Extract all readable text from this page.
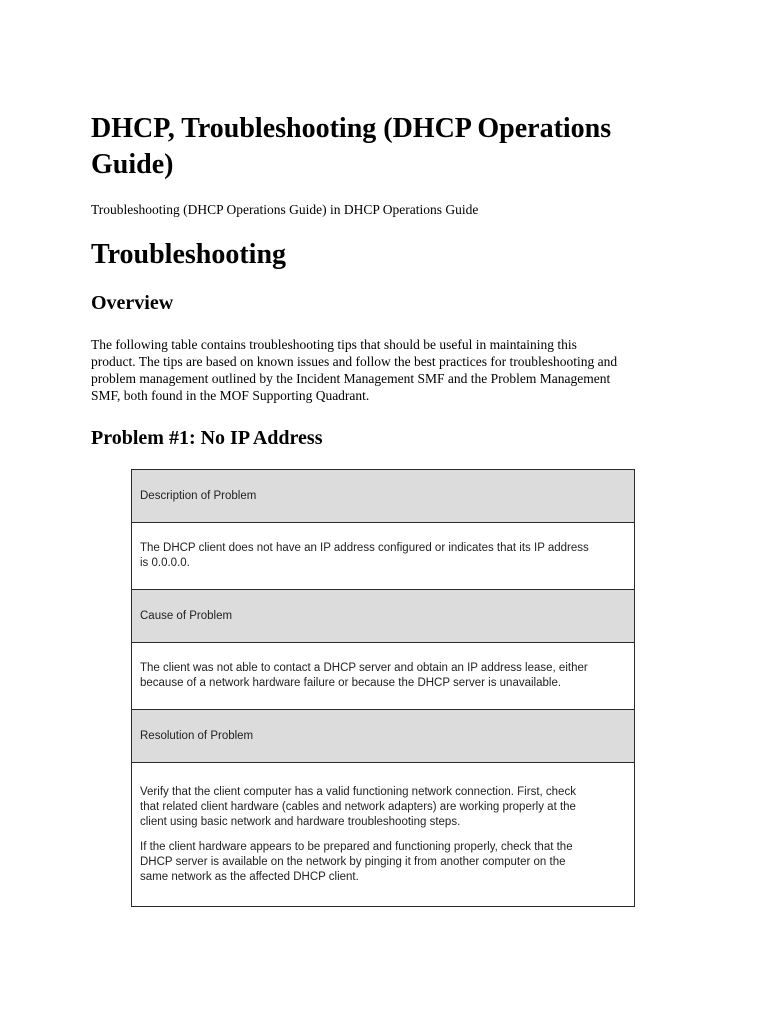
DHCP, Troubleshooting (DHCP Operations Guide)

Troubleshooting (DHCP Operations Guide) in DHCP Operations Guide

Troubleshooting
Overview

The following table contains troubleshooting tips that should be useful in maintaining this
product. The tips are based on known issues and follow the best practices for troubleshooting and
problem management outlined by the Incident Management SMF and the Problem Management
SMF, both found in the MOF Supporting Quadrant.

Problem #1: No IP Address
Description of Problem
The DHCP client does not have an IP address configured or indicates that its IP address
is 0.0.0.0.
Cause of Problem
The client was not able to contact a DHCP server and obtain an IP address lease, either
because of a network hardware failure or because the DHCP server is unavailable.
Resolution of Problem
Verify that the client computer has a valid functioning network connection. First, check
that related client hardware (cables and network adapters) are working properly at the
client using basic network and hardware troubleshooting steps.
If the client hardware appears to be prepared and functioning properly, check that the
DHCP server is available on the network by pinging it from another computer on the
same network as the affected DHCP client.
